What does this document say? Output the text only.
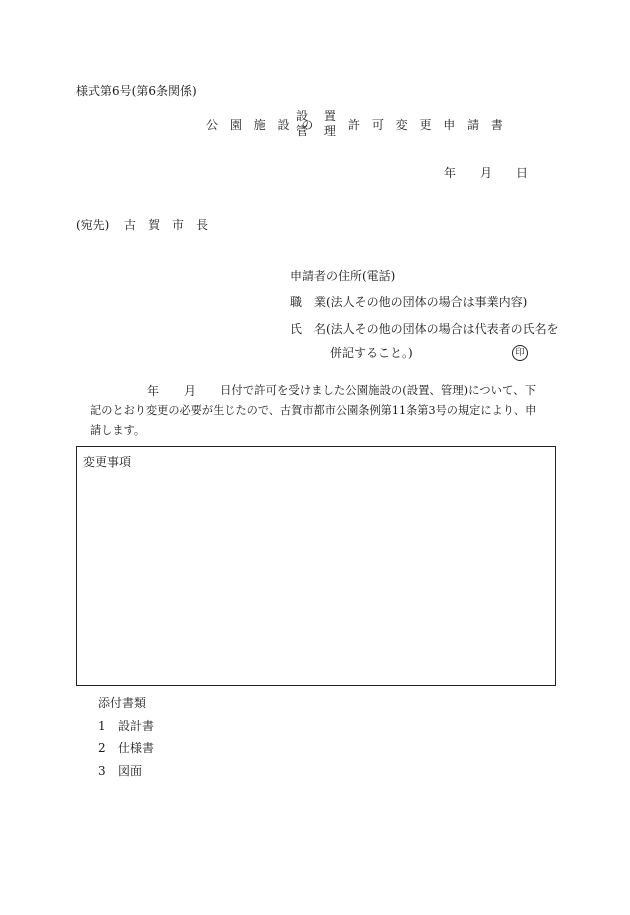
様式第6号(第6条関係)
公 園 施 設 の
設 置
管 理 許 可 変 更 申 請 書
年 月 日
(宛先) 古　賀　市　長
申請者の住所(電話)
職　業(法人その他の団体の場合は事業内容)
氏　名(法人その他の団体の場合は代表者の氏名を
併記すること。)	印
年 月 日付で許可を受けました公園施設の(設置、管理)について、下
記のとおり変更の必要が生じたので、古賀市都市公園条例第11条第3号の規定により、申
請します。
変更事項
添付書類
1 設計書
2 仕様書
3 図面
